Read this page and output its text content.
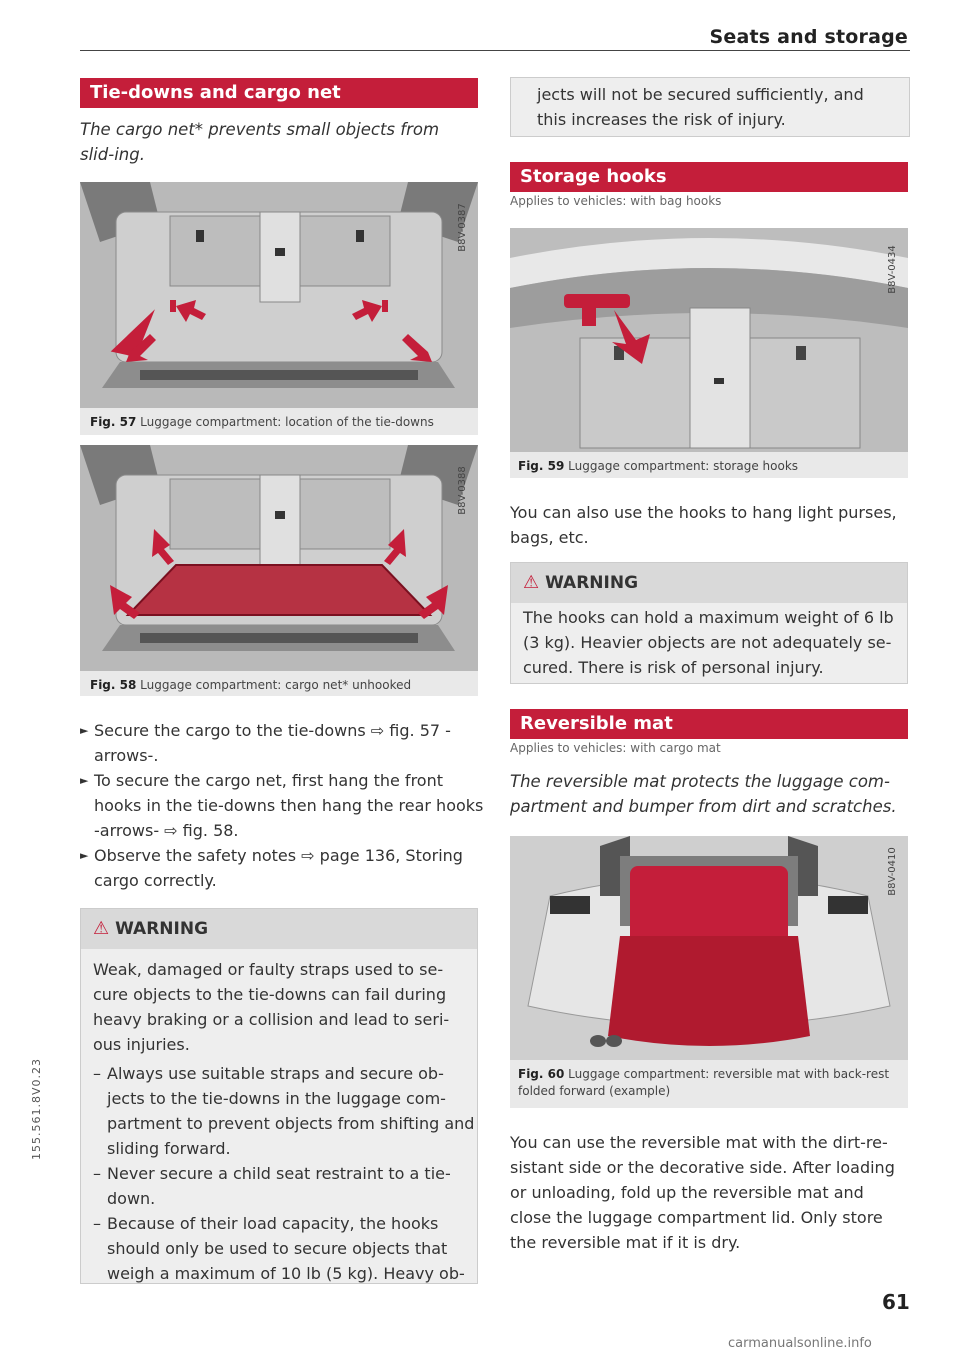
Seats and storage
155.561.8V0.23
Tie-downs and cargo net
The cargo net* prevents small objects from slid-ing.
B8V-0387
Fig. 57 Luggage compartment: location of the tie-downs
B8V-0388
Fig. 58 Luggage compartment: cargo net* unhooked
► Secure the cargo to the tie-downs ⇨ fig. 57 -arrows-.
► To secure the cargo net, first hang the front hooks in the tie-downs then hang the rear hooks -arrows- ⇨ fig. 58.
► Observe the safety notes ⇨ page 136, Storing cargo correctly.
⚠ WARNING
Weak, damaged or faulty straps used to se-cure objects to the tie-downs can fail during heavy braking or a collision and lead to seri-ous injuries.
– Always use suitable straps and secure ob-jects to the tie-downs in the luggage com-partment to prevent objects from shifting and sliding forward.
– Never secure a child seat restraint to a tie-down.
– Because of their load capacity, the hooks should only be used to secure objects that weigh a maximum of 10 lb (5 kg). Heavy ob-
jects will not be secured sufficiently, and this increases the risk of injury.
Storage hooks
Applies to vehicles: with bag hooks
B8V-0434
Fig. 59 Luggage compartment: storage hooks
You can also use the hooks to hang light purses, bags, etc.
⚠ WARNING
The hooks can hold a maximum weight of 6 lb (3 kg). Heavier objects are not adequately se-cured. There is risk of personal injury.
Reversible mat
Applies to vehicles: with cargo mat
The reversible mat protects the luggage com-partment and bumper from dirt and scratches.
B8V-0410
Fig. 60 Luggage compartment: reversible mat with back-rest folded forward (example)
You can use the reversible mat with the dirt-re-sistant side or the decorative side. After loading or unloading, fold up the reversible mat and close the luggage compartment lid. Only store the reversible mat if it is dry.
61
carmanualsonline.info
